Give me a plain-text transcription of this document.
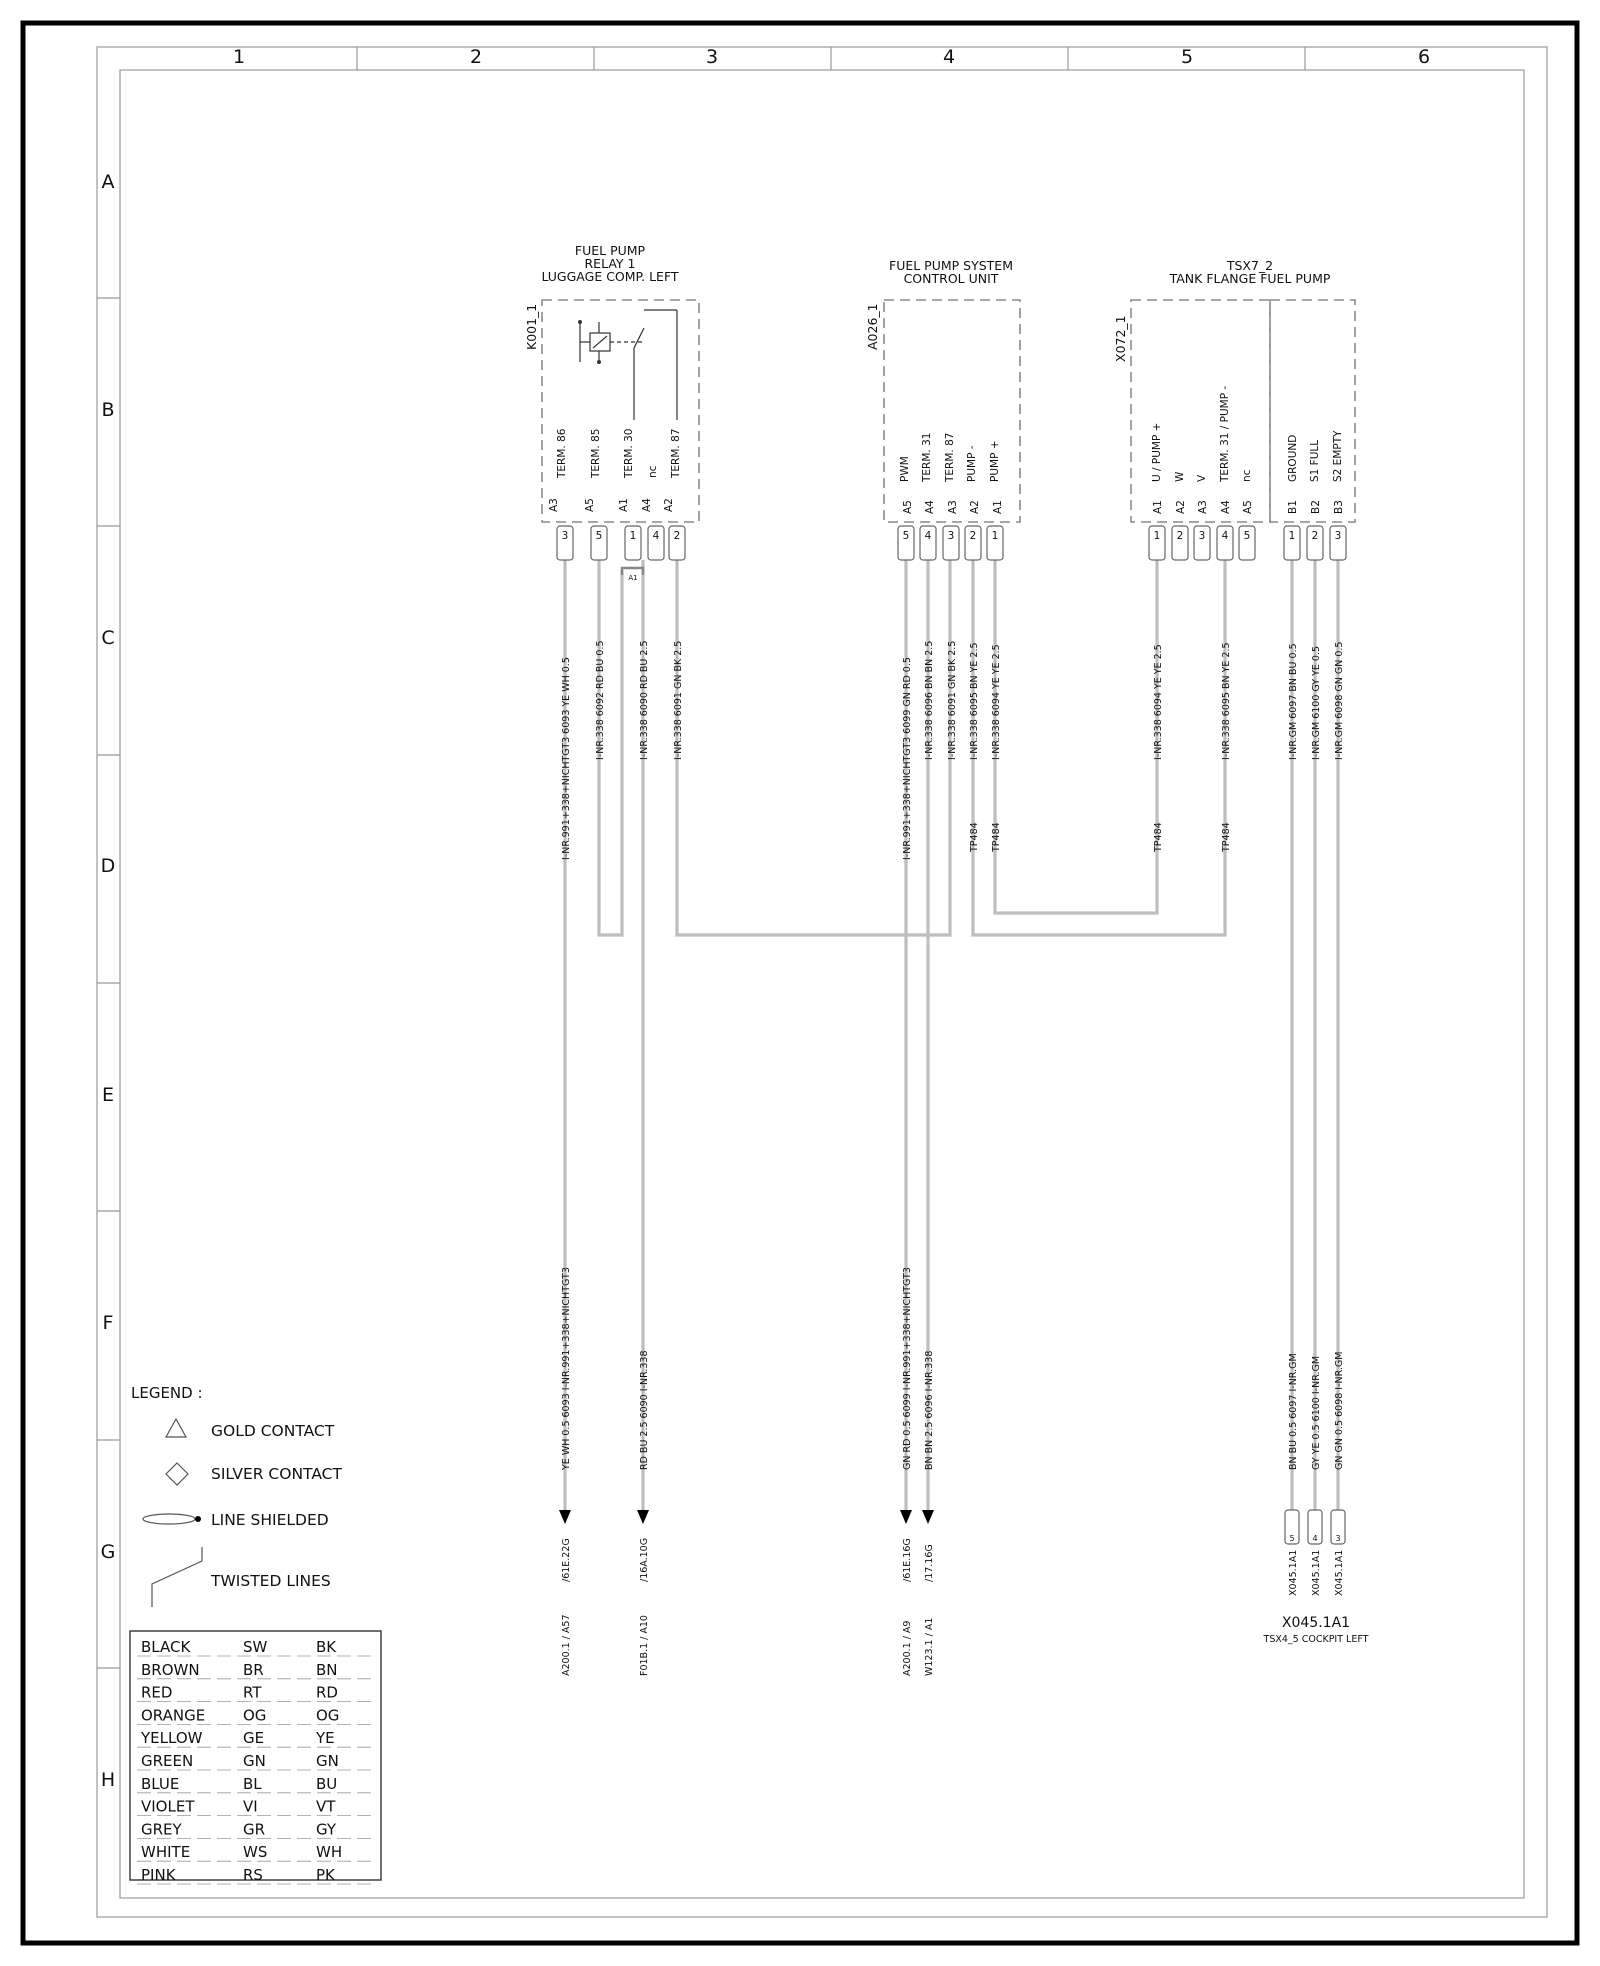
1	2	3	4	5	6
A
B
C
D
E
F
G
H
FUEL PUMP
RELAY 1
LUGGAGE COMP. LEFT
K001_1
TERM. 86 TERM. 85 TERM. 30 nc TERM. 87
A3 A5 A1 A4 A2
3	5	1 4 2
A1
FUEL PUMP SYSTEM
CONTROL UNIT
A026_1
PWM TERM. 31 TERM. 87 PUMP - PUMP +
A5 A4 A3 A2 A1
5 4 3 2 1
TSX7_2
TANK FLANGE FUEL PUMP
X072_1
U / PUMP + W V TERM. 31 / PUMP - nc	GROUND S1 FULL S2 EMPTY
A1 A2 A3 A4 A5	B1 B2 B3
1 2 3 4 5	1 2 3
I-NR.991+338+NICHTGT3 6093 YE WH 0.5 I-NR.338 6092 RD BU 0.5	I-NR.338 6090 RD BU 2.5 I-NR.338 6091 GN BK 2.5	I-NR.991+338+NICHTGT3 6099 GN RD 0.5 I-NR.338 6096 BN BN 2.5 I-NR.338 6091 GN BK 2.5 I-NR.338 6095 BN YE 2.5 I-NR.338 6094 YE YE 2.5	I-NR.338 6094 YE YE 2.5	I-NR.338 6095 BN YE 2.5	I-NR.GM 6097 BN BU 0.5 I-NR.GM 6100 GY YE 0.5 I-NR.GM 6098 GN GN 0.5
TP484 TP484	TP484	TP484
YE WH 0.5 6093 I-NR.991+338+NICHTGT3	RD BU 2.5 6090 I-NR.338	GN RD 0.5 6099 I-NR.991+338+NICHTGT3 BN BN 2.5 6096 I-NR.338	BN BU 0.5 6097 I-NR.GM GY YE 0.5 6100 I-NR.GM GN GN 0.5 6098 I-NR.GM
/61E.22G	/16A.10G	/61E.16G /17.16G
A200.1 / A57	F01B.1 / A10	A200.1 / A9 W123.1 / A1
5 4 3
X045.1A1 X045.1A1 X045.1A1
X045.1A1
TSX4_5 COCKPIT LEFT
LEGEND :
GOLD CONTACT
SILVER CONTACT
LINE SHIELDED
TWISTED LINES
BLACK	SW	BK
BROWN	BR	BN
RED	RT	RD
ORANGE	OG	OG
YELLOW	GE	YE
GREEN	GN	GN
BLUE	BL	BU
VIOLET	VI	VT
GREY	GR	GY
WHITE	WS	WH
PINK	RS	PK
